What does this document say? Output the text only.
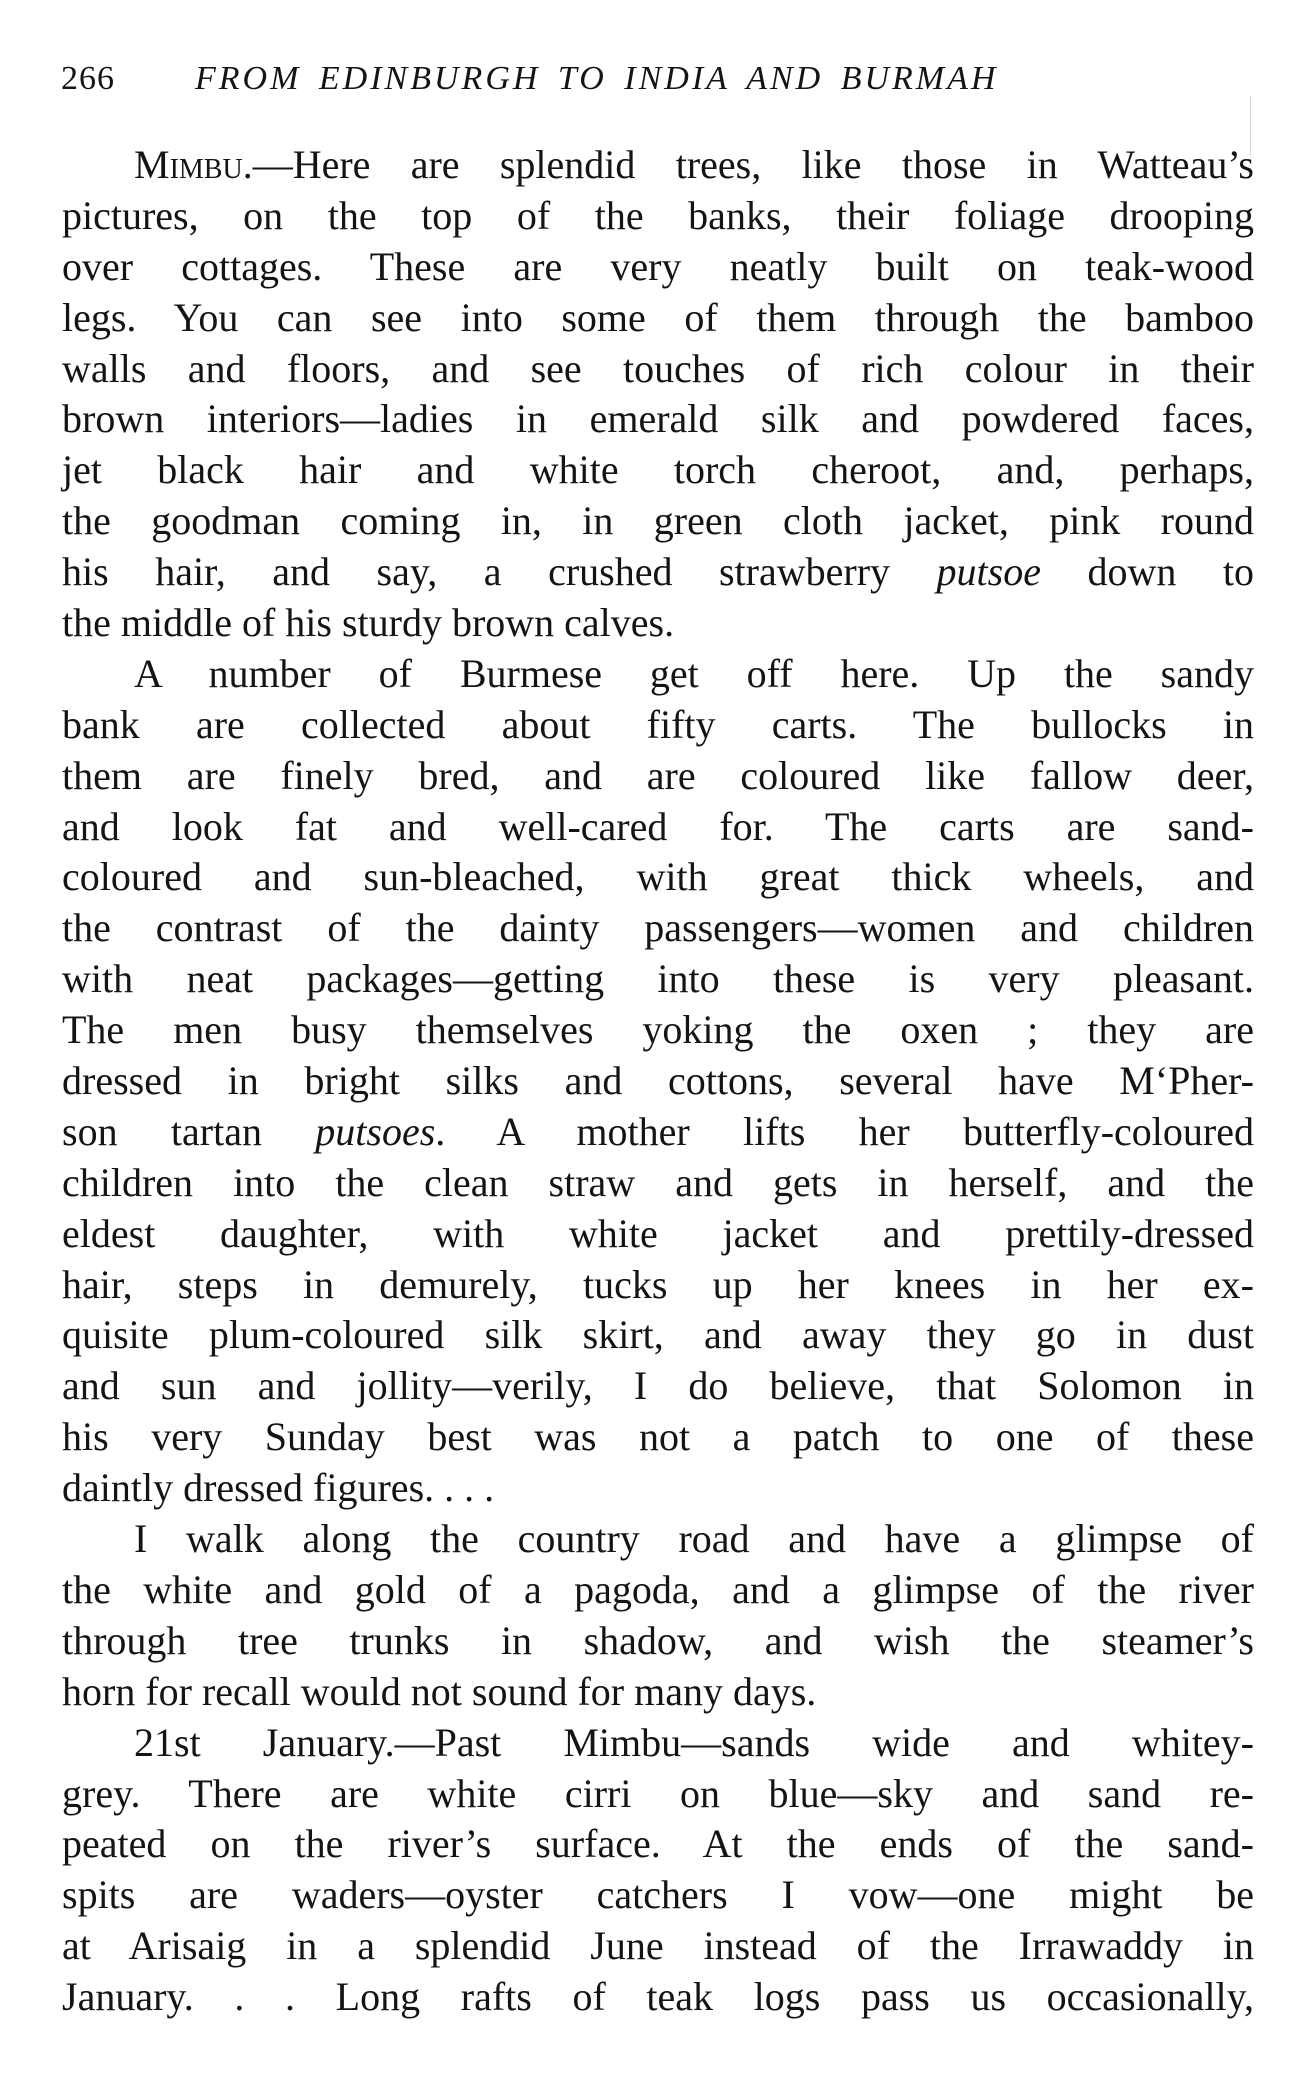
266 FROM EDINBURGH TO INDIA AND BURMAH
Mimbu.—Here are splendid trees, like those in Watteau’s
pictures, on the top of the banks, their foliage drooping
over cottages. These are very neatly built on teak-wood
legs. You can see into some of them through the bamboo
walls and floors, and see touches of rich colour in their
brown interiors—ladies in emerald silk and powdered faces,
jet black hair and white torch cheroot, and, perhaps,
the goodman coming in, in green cloth jacket, pink round
his hair, and say, a crushed strawberry putsoe down to
the middle of his sturdy brown calves.
A number of Burmese get off here. Up the sandy
bank are collected about fifty carts. The bullocks in
them are finely bred, and are coloured like fallow deer,
and look fat and well-cared for. The carts are sand-
coloured and sun-bleached, with great thick wheels, and
the contrast of the dainty passengers—women and children
with neat packages—getting into these is very pleasant.
The men busy themselves yoking the oxen ; they are
dressed in bright silks and cottons, several have M‘Pher-
son tartan putsoes. A mother lifts her butterfly-coloured
children into the clean straw and gets in herself, and the
eldest daughter, with white jacket and prettily-dressed
hair, steps in demurely, tucks up her knees in her ex-
quisite plum-coloured silk skirt, and away they go in dust
and sun and jollity—verily, I do believe, that Solomon in
his very Sunday best was not a patch to one of these
daintly dressed figures. . . .
I walk along the country road and have a glimpse of
the white and gold of a pagoda, and a glimpse of the river
through tree trunks in shadow, and wish the steamer’s
horn for recall would not sound for many days.
21st January.—Past Mimbu—sands wide and whitey-
grey. There are white cirri on blue—sky and sand re-
peated on the river’s surface. At the ends of the sand-
spits are waders—oyster catchers I vow—one might be
at Arisaig in a splendid June instead of the Irrawaddy in
January. . . Long rafts of teak logs pass us occasionally,
